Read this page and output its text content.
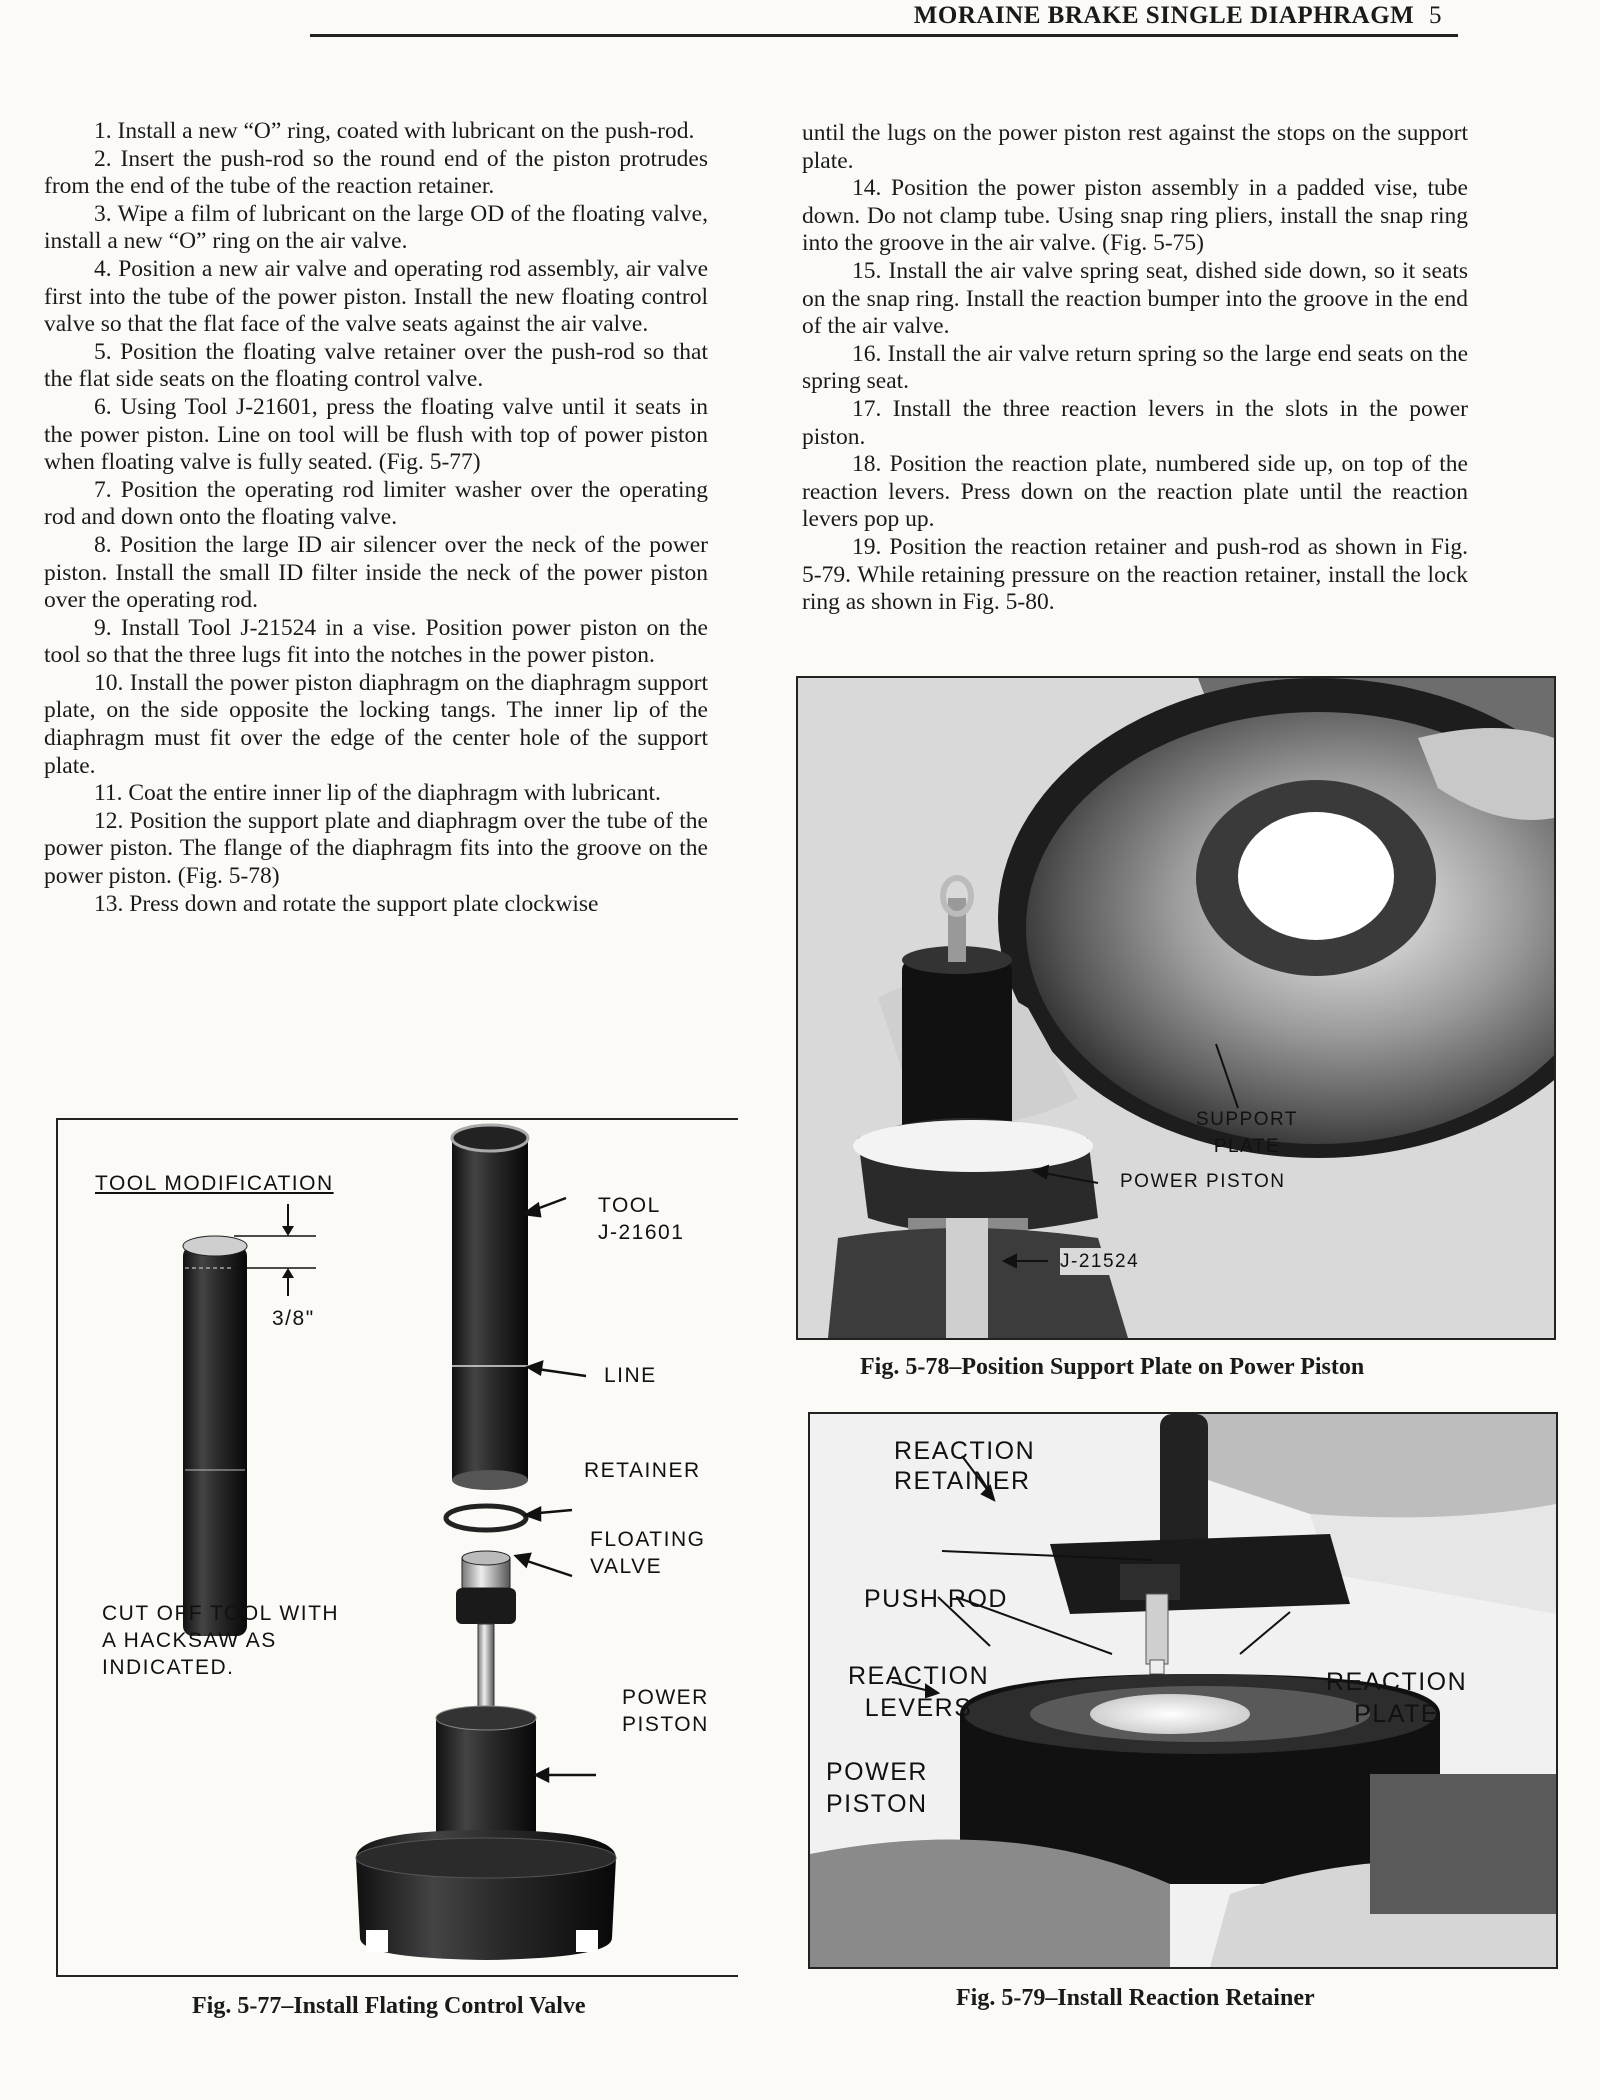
MORAINE BRAKE SINGLE DIAPHRAGM 5

1. Install a new “O” ring, coated with lubricant on the push-rod.

2. Insert the push-rod so the round end of the piston protrudes from the end of the tube of the reaction retainer.

3. Wipe a film of lubricant on the large OD of the floating valve, install a new “O” ring on the air valve.

4. Position a new air valve and operating rod assembly, air valve first into the tube of the power piston. Install the new floating control valve so that the flat face of the valve seats against the air valve.

5. Position the floating valve retainer over the push-rod so that the flat side seats on the floating control valve.

6. Using Tool J-21601, press the floating valve until it seats in the power piston. Line on tool will be flush with top of power piston when floating valve is fully seated. (Fig. 5-77)

7. Position the operating rod limiter washer over the operating rod and down onto the floating valve.

8. Position the large ID air silencer over the neck of the power piston. Install the small ID filter inside the neck of the power piston over the operating rod.

9. Install Tool J-21524 in a vise. Position power piston on the tool so that the three lugs fit into the notches in the power piston.

10. Install the power piston diaphragm on the diaphragm support plate, on the side opposite the locking tangs. The inner lip of the diaphragm must fit over the edge of the center hole of the support plate.

11. Coat the entire inner lip of the diaphragm with lubricant.

12. Position the support plate and diaphragm over the tube of the power piston. The flange of the diaphragm fits into the groove on the power piston. (Fig. 5-78)

13. Press down and rotate the support plate clockwise

until the lugs on the power piston rest against the stops on the support plate.

14. Position the power piston assembly in a padded vise, tube down. Do not clamp tube. Using snap ring pliers, install the snap ring into the groove in the air valve. (Fig. 5-75)

15. Install the air valve spring seat, dished side down, so it seats on the snap ring. Install the reaction bumper into the groove in the end of the air valve.

16. Install the air valve return spring so the large end seats on the spring seat.

17. Install the three reaction levers in the slots in the power piston.

18. Position the reaction plate, numbered side up, on top of the reaction levers. Press down on the reaction plate until the reaction levers pop up.

19. Position the reaction retainer and push-rod as shown in Fig. 5-79. While retaining pressure on the reaction retainer, install the lock ring as shown in Fig. 5-80.

TOOL MODIFICATION
3/8"
CUT OFF TOOL WITH
A HACKSAW AS
INDICATED.
TOOL
J-21601
LINE
RETAINER
FLOATING
VALVE
POWER
PISTON
Fig. 5-77–Install Flating Control Valve
SUPPORT
PLATE
POWER PISTON
J-21524
Fig. 5-78–Position Support Plate on Power Piston
REACTION
RETAINER
PUSH ROD
REACTION
LEVERS
REACTION
PLATE
POWER
PISTON
Fig. 5-79–Install Reaction Retainer
